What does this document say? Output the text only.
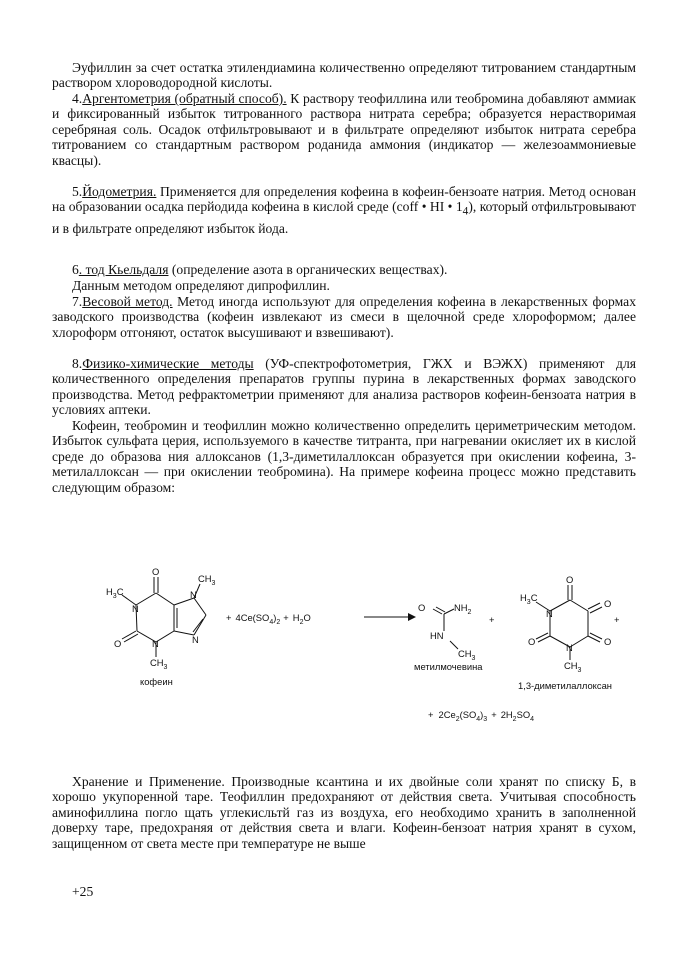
Эуфиллин за счет остатка этилендиамина количественно определяют титрованием стандартным раствором хлороводородной кислоты.

4.Аргентометрия (обратный способ). К раствору теофиллина или теобромина добавляют аммиак и фиксированный избыток титрованного раствора нитрата серебра; образуется нерастворимая серебряная соль. Осадок отфильтровывают и в фильтрате определяют избыток нитрата серебра титрованием со стандартным раствором роданида аммония (индикатор — железоаммониевые квасцы).

5.Йодометрия. Применяется для определения кофеина в кофеин-бензоате натрия. Метод основан на образовании осадка перйодида кофеина в кислой среде (coff • HI • $1_4$), который отфильтровывают и в фильтрате определяют избыток йода.

6. тод Кьельдаля (определение азота в органических веществах).

Данным методом определяют дипрофиллин.

7.Весовой метод. Метод иногда используют для определения кофеина в лекарственных формах заводского производства (кофеин извлекают из смеси в щелочной среде хлороформом; далее хлороформ отгоняют, остаток высушивают и взвешивают).

8.Физико-химические методы (УФ-спектрофотометрия, ГЖХ и ВЭЖХ) применяют для количественного определения препаратов группы пурина в лекарственных формах заводского производства. Метод рефрактометрии применяют для анализа растворов кофеин-бензоата натрия в условиях аптеки.

Кофеин, теобромин и теофиллин можно количественно определить цериметрическим методом. Избыток сульфата церия, используемого в качестве титранта, при нагревании окисляет их в кислой среде до образова ния аллоксанов (1,3-диметилаллоксан образуется при окислении кофеина, 3-метилаллоксан — при окислении теобромина). На примере кофеина процесс можно представить следующим образом:

O
$H_3C$
N
O	N
$CH_3$
N
$CH_3$
N
кофеин
+ $4Ce(SO_4)_2 + H_2O$
O	$NH_2$
HN
$CH_3$
метилмочевина
+
O
O
O
O
$H_3C$
N
N
$CH_3$
+
1,3-диметилаллоксан
+ $2Ce_2(SO_4)_3 + 2H_2SO_4$

Хранение и Применение. Производные ксантина и их двойные соли хранят по списку Б, в хорошо укупоренной таре. Теофиллин предохраняют от действия света. Учитывая способность аминофиллина погло щать углекисльтй газ из воздуха, его необходимо хранить в заполненной доверху таре, предохраняя от действия света и влаги. Кофеин-бензоат натрия хранят в сухом, защищенном от света месте при температуре не выше

+25
